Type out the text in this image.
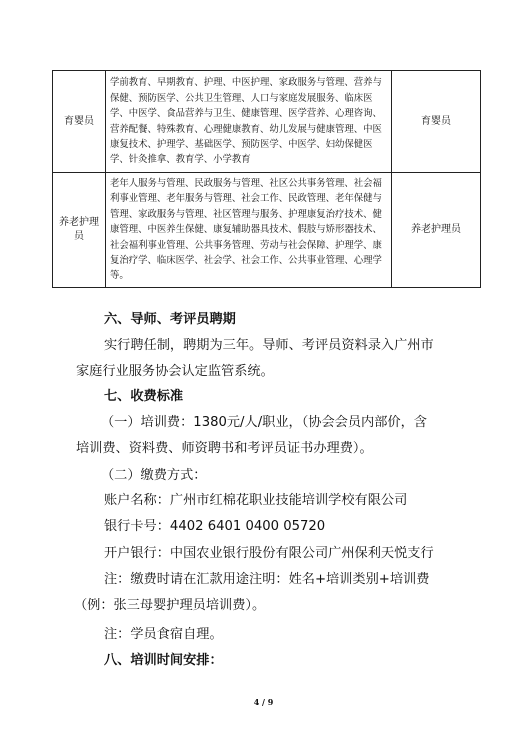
育婴员	学前教育、早期教育、护理、中医护理、家政服务与管理、营养与保健、预防医学、公共卫生管理、人口与家庭发展服务、临床医学、中医学、食品营养与卫生、健康管理、医学营养、心理咨询、营养配餐、特殊教育、心理健康教育、幼儿发展与健康管理、中医康复技术、护理学、基础医学、预防医学、中医学、妇幼保健医学、针灸推拿、教育学、小学教育	育婴员
养老护理员	老年人服务与管理、民政服务与管理、社区公共事务管理、社会福利事业管理、老年服务与管理、社会工作、民政管理、老年保健与管理、家政服务与管理、社区管理与服务、护理康复治疗技术、健康管理、中医养生保健、康复辅助器具技术、假肢与矫形器技术、社会福利事业管理、公共事务管理、劳动与社会保障、护理学、康复治疗学、临床医学、社会学、社会工作、公共事业管理、心理学等。	养老护理员
六、导师、考评员聘期
实行聘任制，聘期为三年。导师、考评员资料录入广州市
家庭行业服务协会认定监管系统。
七、收费标准
（一）培训费：1380元/人/职业，（协会会员内部价，含
培训费、资料费、师资聘书和考评员证书办理费）。
（二）缴费方式：
账户名称：广州市红棉花职业技能培训学校有限公司
银行卡号：4402 6401 0400 05720
开户银行：中国农业银行股份有限公司广州保利天悦支行
注：缴费时请在汇款用途注明：姓名+培训类别+培训费
（例：张三母婴护理员培训费）。
注：学员食宿自理。
八、培训时间安排：
4 / 9
